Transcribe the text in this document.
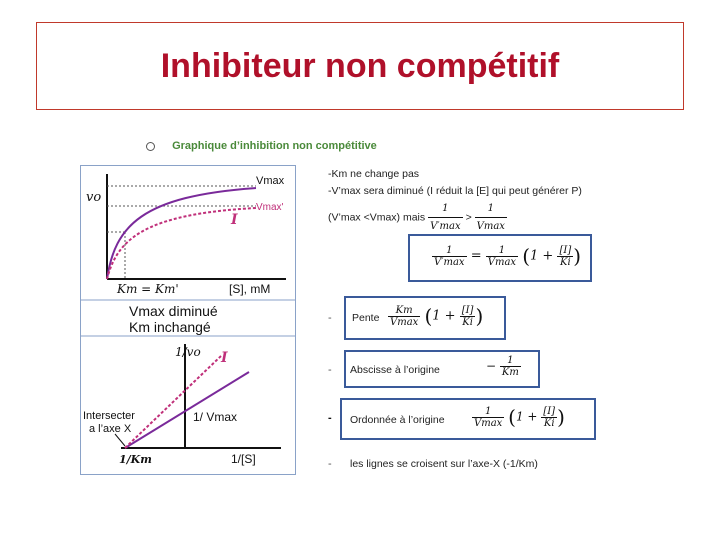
Inhibiteur non compétitif
Graphique d’inhibition non compétitive
vo
Vmax
Vmax'
I
Km = Km'	[S], mM
Vmax diminué
Km inchangé
1/vo I
1/ Vmax
Intersecter
a l’axe X
1/Km	1/[S]
-Km ne change pas
-V’max sera diminué (I réduit la [E] qui peut générer P)
(V’max <Vmax) mais $\frac{1}{V'\max} > \frac{1}{Vmax}$
$\frac{1}{V'\max} = \frac{1}{Vmax} (1 + \frac{[I]}{Ki}$ )
- Pente $\frac{Km}{Vmax} (1 + \frac{[I]}{Ki}$ )
- Abscisse à l’origine	− $\frac{1}{Km}$
- Ordonnée à l’origine	$\frac{1}{Vmax} (1 + \frac{[I]}{Ki}$ )
- les lignes se croisent sur l’axe-X (-1/Km)
